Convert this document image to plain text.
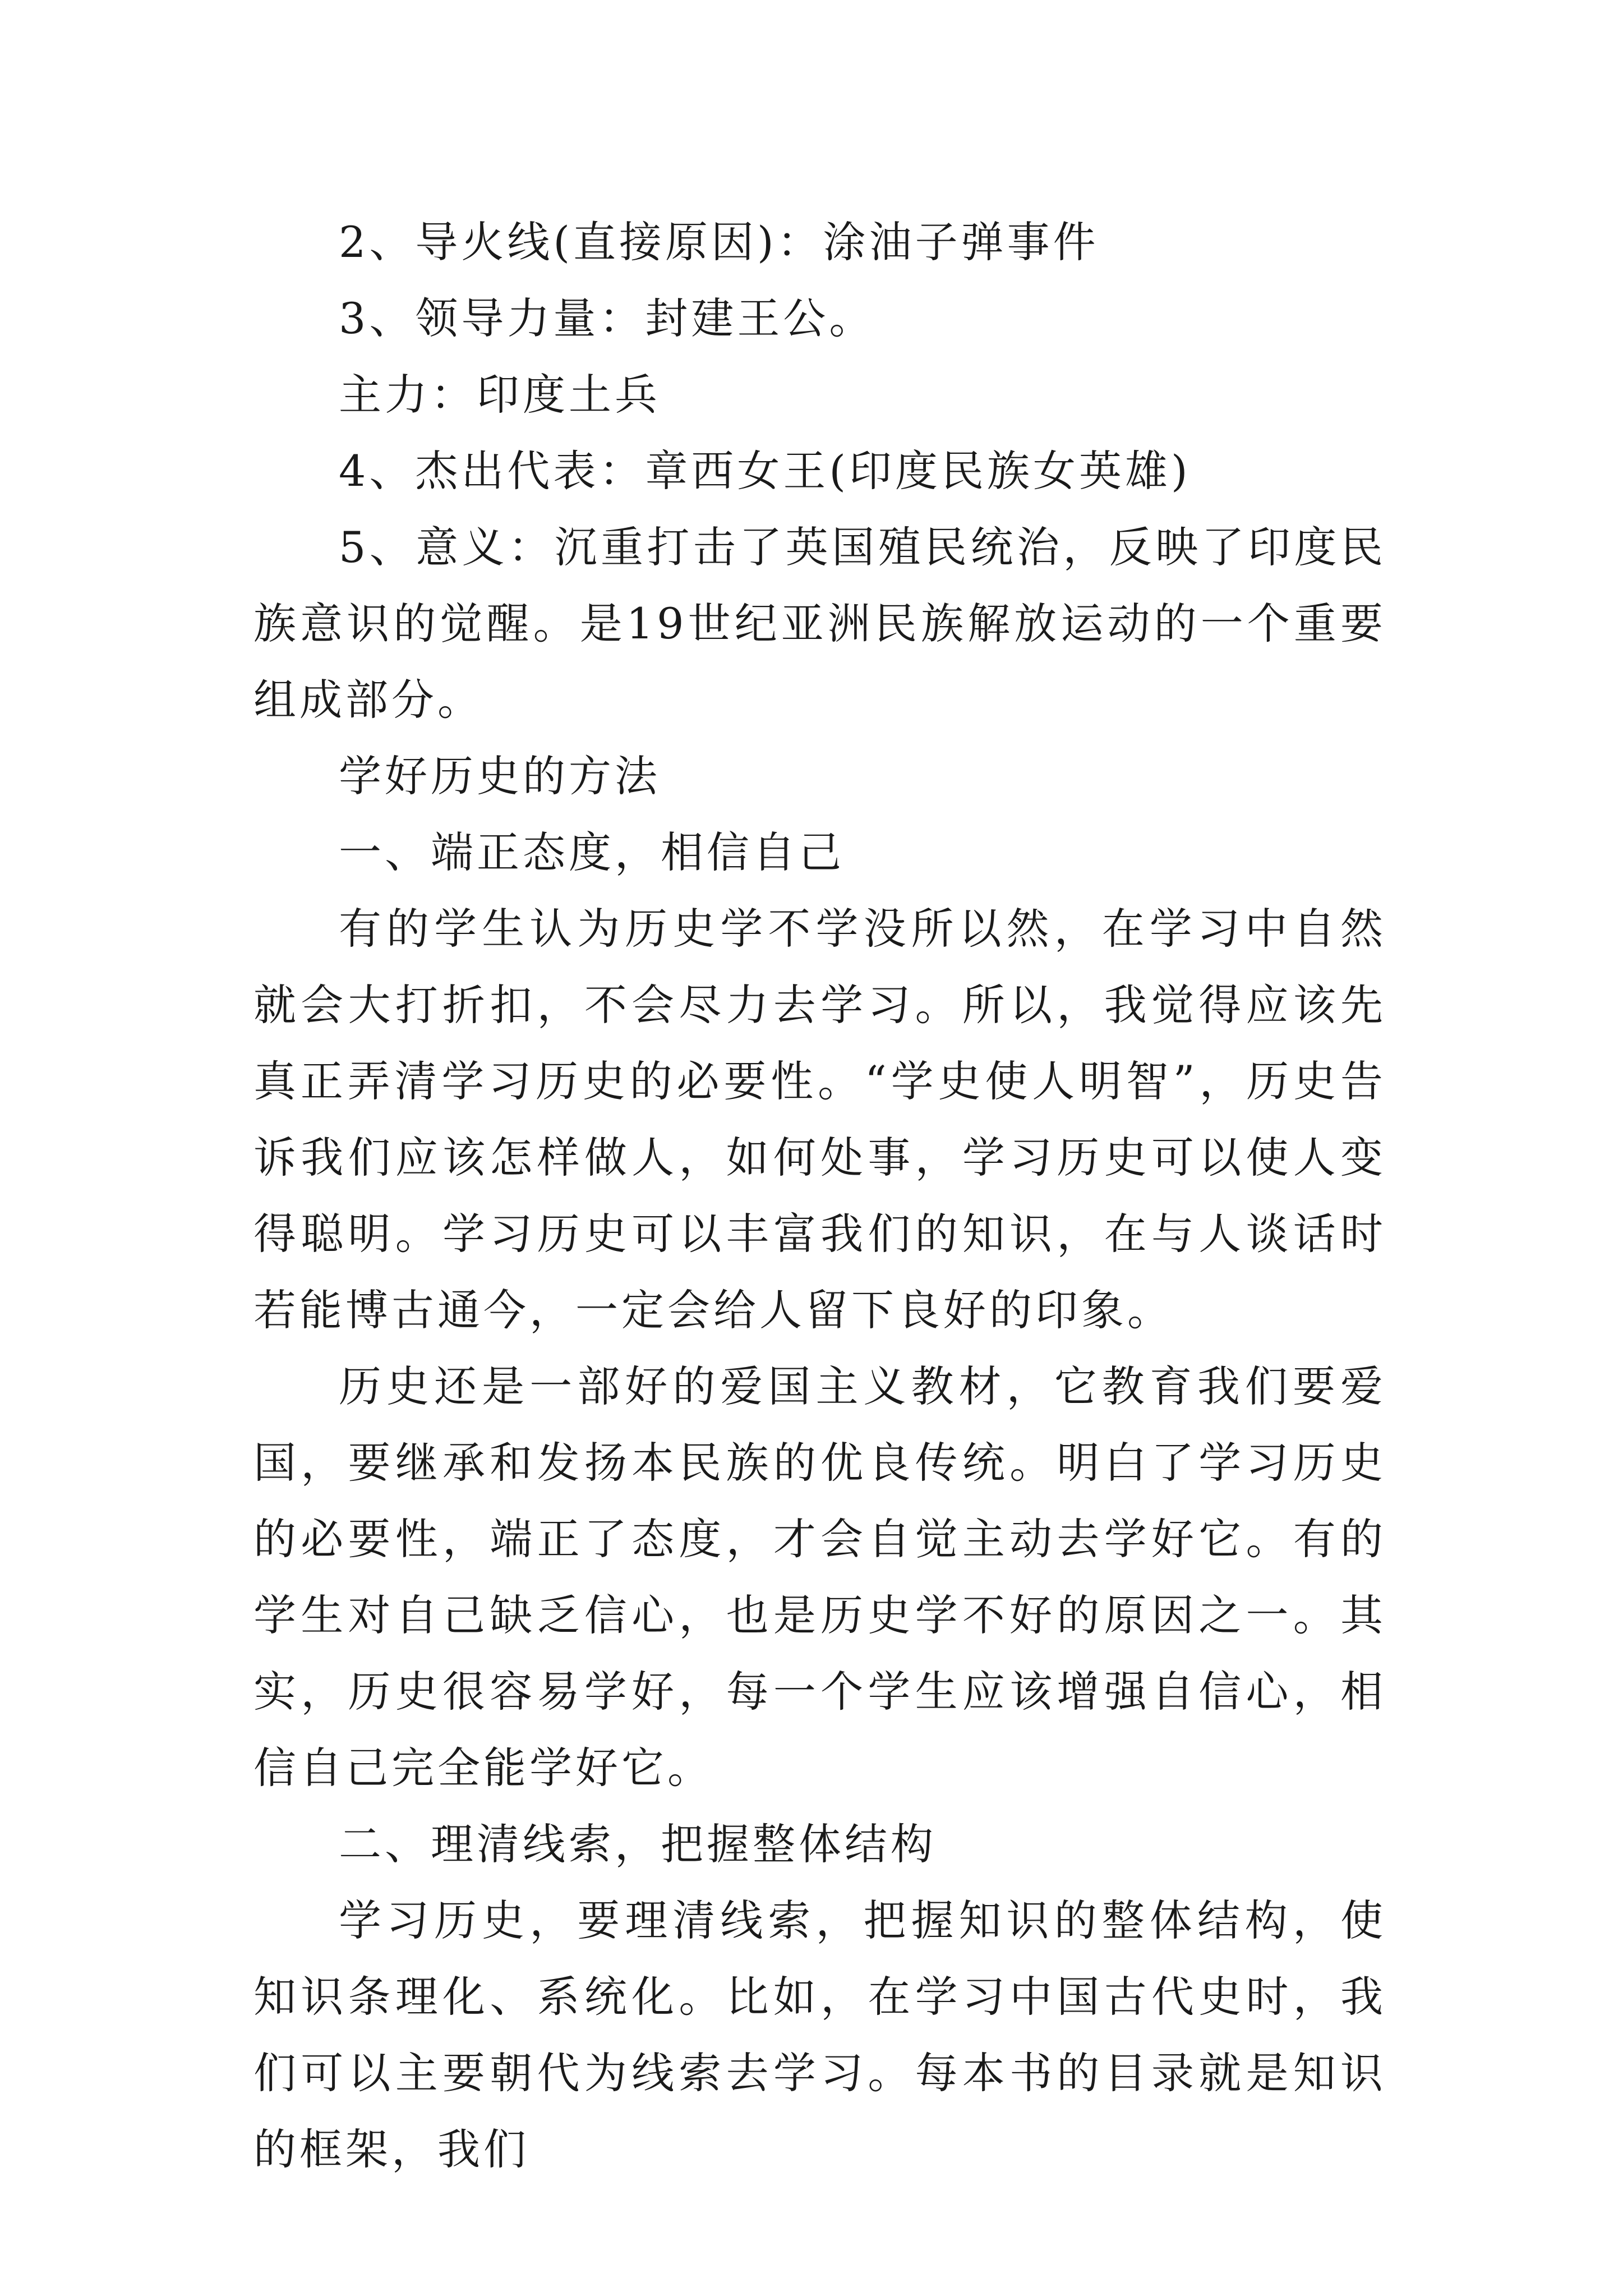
2、导火线(直接原因)：涂油子弹事件

3、领导力量：封建王公。

主力：印度土兵

4、杰出代表：章西女王(印度民族女英雄)

5、意义：沉重打击了英国殖民统治，反映了印度民族意识的觉醒。是19世纪亚洲民族解放运动的一个重要组成部分。

学好历史的方法

一、端正态度，相信自己

有的学生认为历史学不学没所以然，在学习中自然就会大打折扣，不会尽力去学习。所以，我觉得应该先真正弄清学习历史的必要性。“学史使人明智”，历史告诉我们应该怎样做人，如何处事，学习历史可以使人变得聪明。学习历史可以丰富我们的知识，在与人谈话时若能博古通今，一定会给人留下良好的印象。

历史还是一部好的爱国主义教材，它教育我们要爱国，要继承和发扬本民族的优良传统。明白了学习历史的必要性，端正了态度，才会自觉主动去学好它。有的学生对自己缺乏信心，也是历史学不好的原因之一。其实，历史很容易学好，每一个学生应该增强自信心，相信自己完全能学好它。

二、理清线索，把握整体结构

学习历史，要理清线索，把握知识的整体结构，使知识条理化、系统化。比如，在学习中国古代史时，我们可以主要朝代为线索去学习。每本书的目录就是知识的框架，我们
